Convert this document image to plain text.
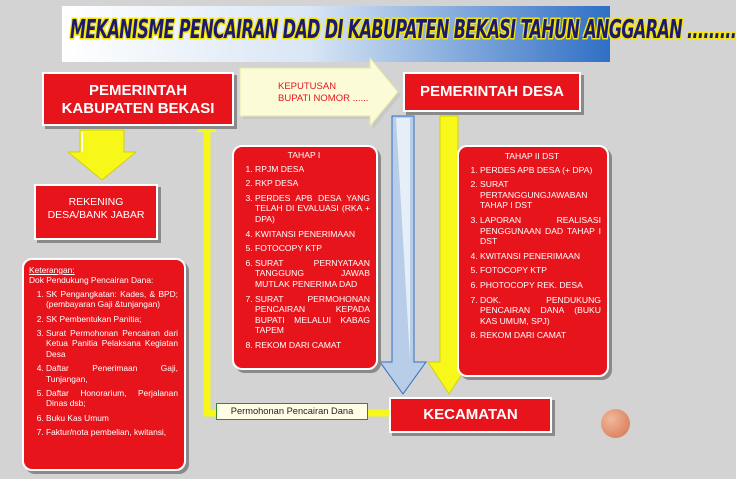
MEKANISME PENCAIRAN DAD DI KABUPATEN BEKASI TAHUN ANGGARAN .........
PEMERINTAH
KABUPATEN BEKASI
KEPUTUSAN
BUPATI NOMOR ......	PEMERINTAH DESA
REKENING
DESA/BANK JABAR
TAHAP I
1. RPJM DESA
2. RKP DESA
3. PERDES APB DESA YANG TELAH DI EVALUASI (RKA + DPA)
4. KWITANSI PENERIMAAN
5. FOTOCOPY KTP
6. SURAT PERNYATAAN TANGGUNG JAWAB MUTLAK PENERIMA DAD
7. SURAT PERMOHONAN PENCAIRAN KEPADA BUPATI MELALUI KABAG TAPEM
8. REKOM DARI CAMAT
TAHAP II DST
1. PERDES APB DESA (+ DPA)
2. SURAT PERTANGGUNGJAWABAN TAHAP I DST
3. LAPORAN REALISASI PENGGUNAAN DAD TAHAP I DST
4. KWITANSI PENERIMAAN
5. FOTOCOPY KTP
6. PHOTOCOPY REK. DESA
7. DOK. PENDUKUNG PENCAIRAN DANA (BUKU KAS UMUM, SPJ)
8. REKOM DARI CAMAT
Keterangan:
Dok Pendukung Pencairan Dana:
1. SK Pengangkatan: Kades, & BPD; (pembayaran Gaji &tunjangan)
2. SK Pembentukan Panitia;
3. Surat Permohonan Pencairan dari Ketua Panitia Pelaksana Kegiatan Desa
4. Daftar Penerimaan Gaji, Tunjangan,
5. Daftar Honorarium, Perjalanan Dinas dsb;
6. Buku Kas Umum
7. Faktur/nota pembelian, kwitansi,
Permohonan Pencairan Dana	KECAMATAN
